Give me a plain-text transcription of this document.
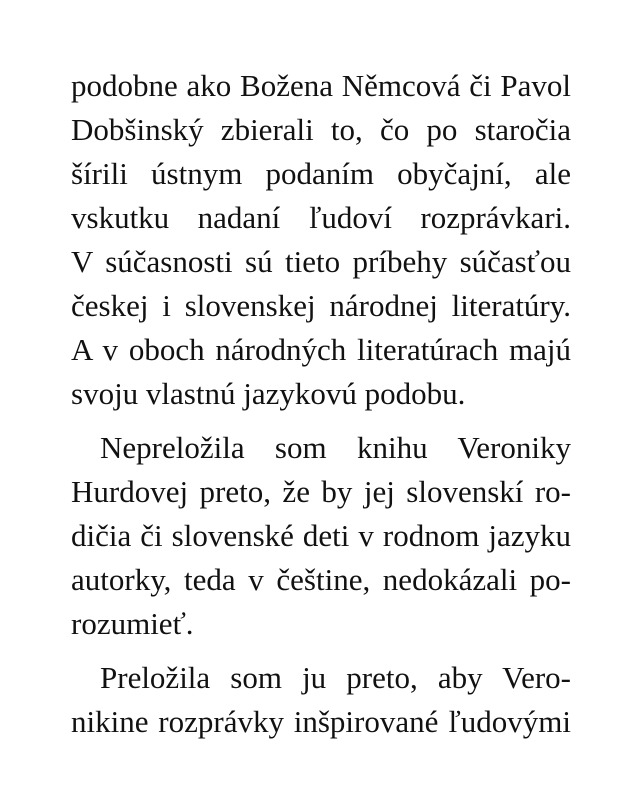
podobne ako Božena Němcová či Pavol
Dobšinský zbierali to, čo po staročia
šírili ústnym podaním obyčajní, ale
vskutku nadaní ľudoví rozprávkari.
V súčasnosti sú tieto príbehy súčasťou
českej i slovenskej národnej literatúry.
A v oboch národných literatúrach majú
svoju vlastnú jazykovú podobu.
Nepreložila som knihu Veroniky
Hurdovej preto, že by jej slovenskí ro-
dičia či slovenské deti v rodnom jazyku
autorky, teda v češtine, nedokázali po-
rozumieť.
Preložila som ju preto, aby Vero-
nikine rozprávky inšpirované ľudovými
